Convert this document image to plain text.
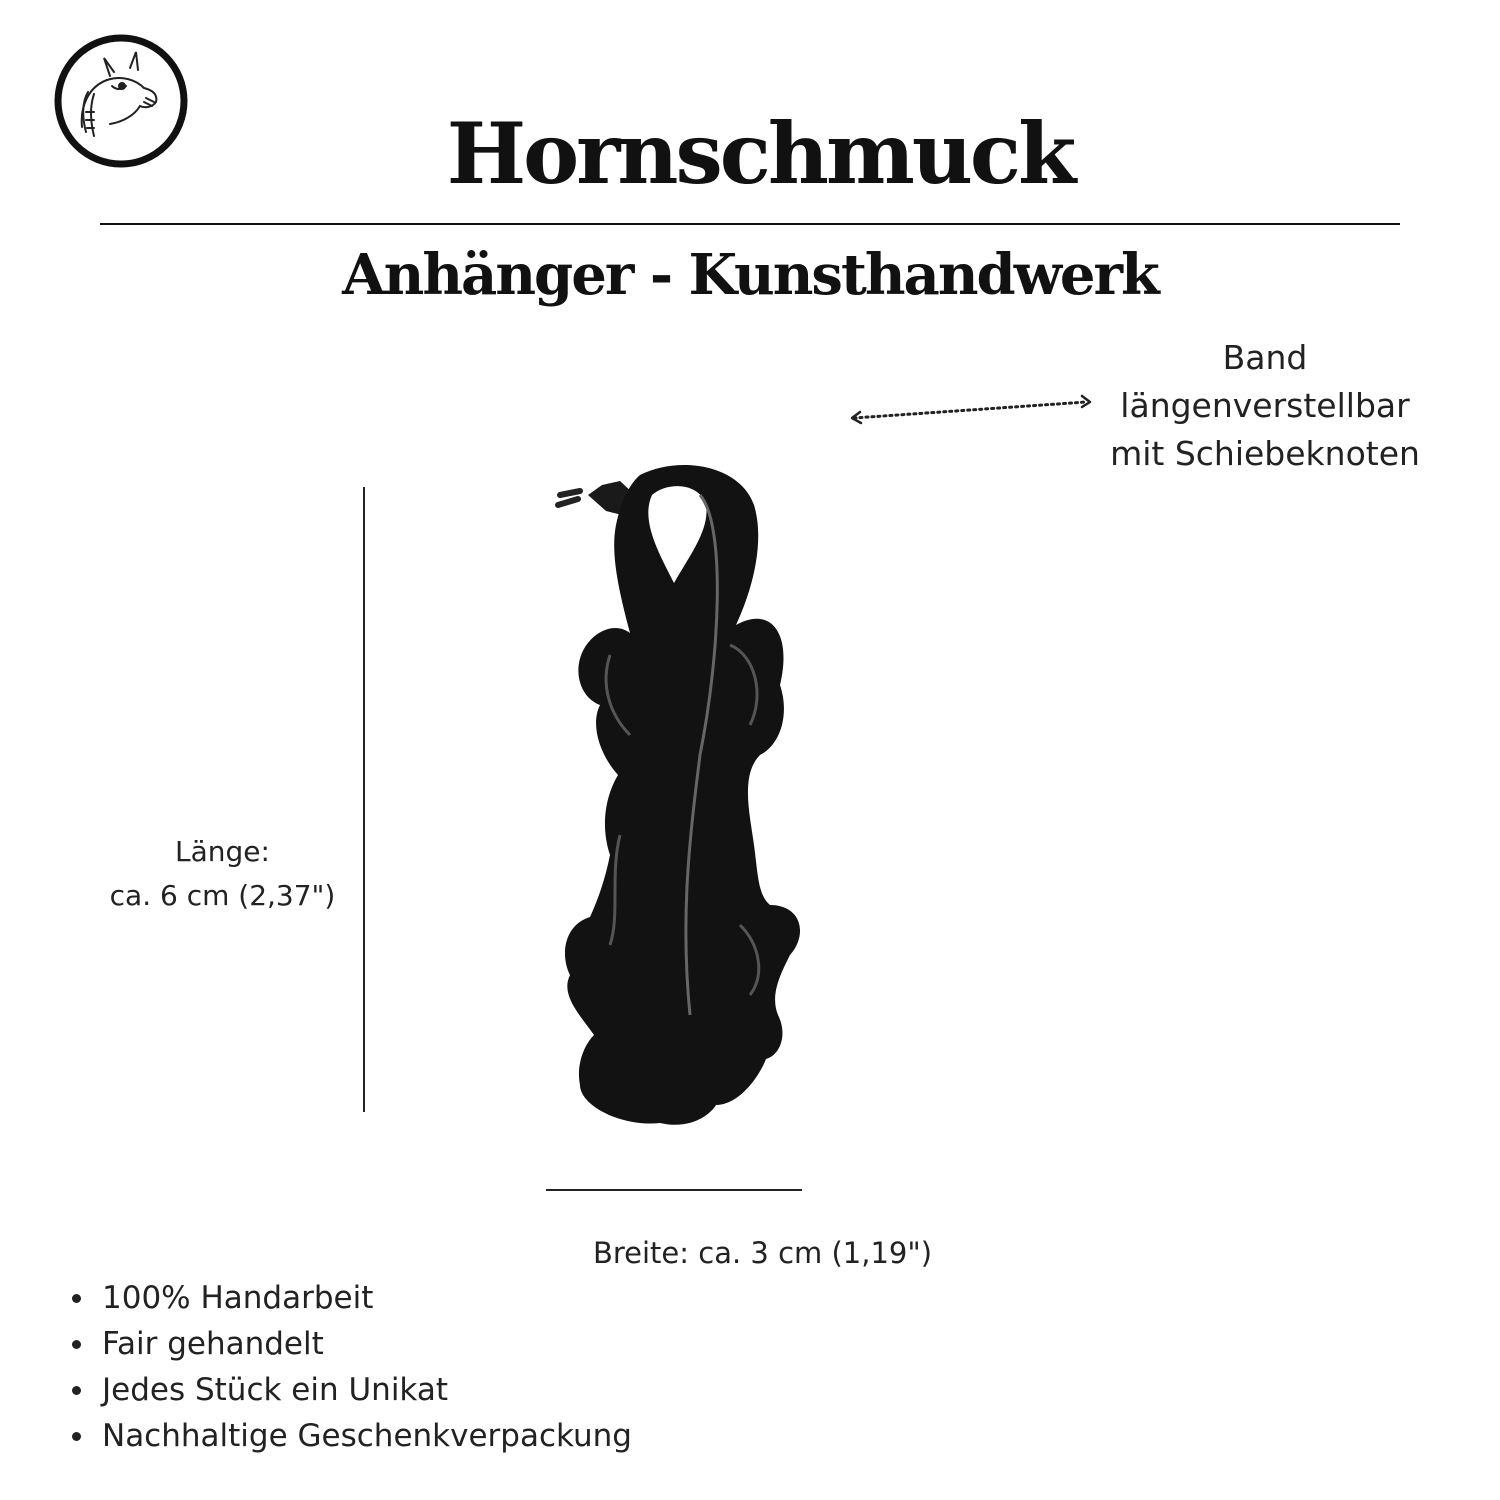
Hornschmuck
Anhänger - Kunsthandwerk
Band
längenverstellbar
mit Schiebeknoten
Länge:
ca. 6 cm (2,37")
Breite: ca. 3 cm (1,19")
100% Handarbeit
Fair gehandelt
Jedes Stück ein Unikat
Nachhaltige Geschenkverpackung
